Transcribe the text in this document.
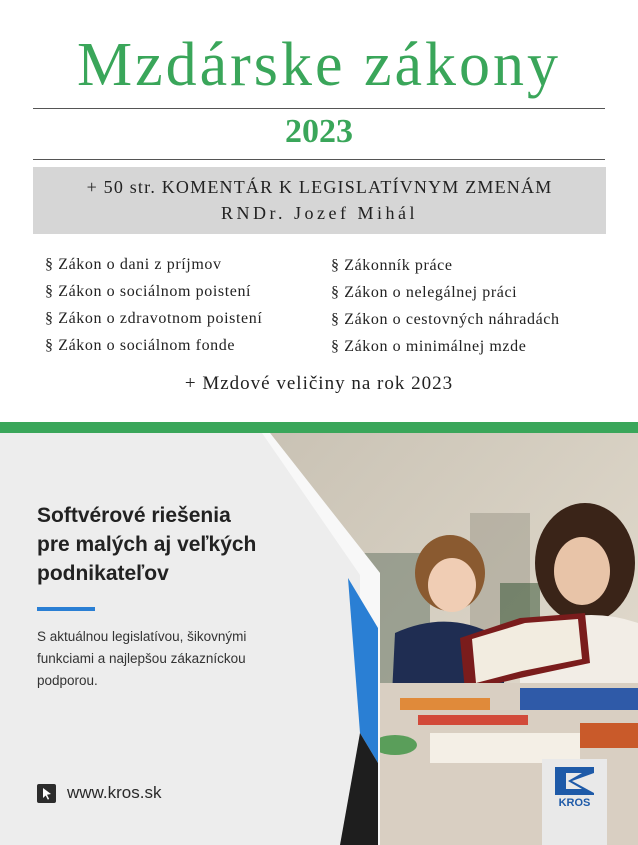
Mzdárske zákony
2023
+ 50 str. KOMENTÁR K LEGISLATÍVNYM ZMENÁM
RNDr. Jozef Mihál
§ Zákon o dani z príjmov
§ Zákon o sociálnom poistení
§ Zákon o zdravotnom poistení
§ Zákon o sociálnom fonde
§ Zákonník práce
§ Zákon o nelegálnej práci
§ Zákon o cestovných náhradách
§ Zákon o minimálnej mzde
+ Mzdové veličiny na rok 2023
Softvérové riešenia
pre malých aj veľkých
podnikateľov
S aktuálnou legislatívou, šikovnými
funkciami a najlepšou zákazníckou
podporou.
www.kros.sk
KROS
